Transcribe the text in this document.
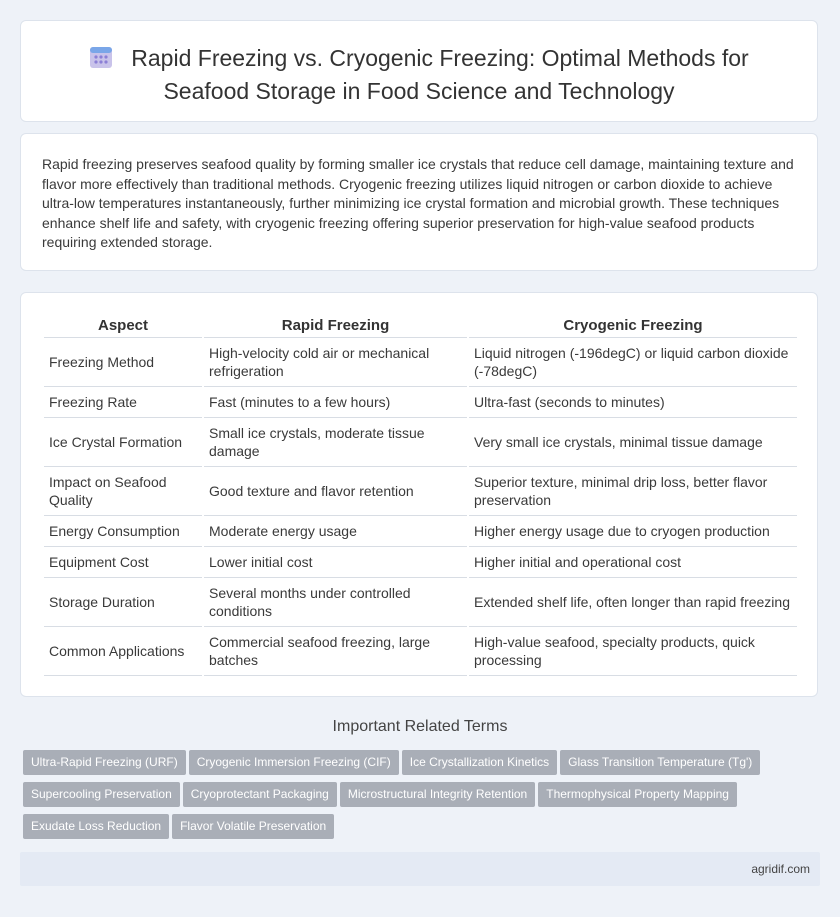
Rapid Freezing vs. Cryogenic Freezing: Optimal Methods for
Seafood Storage in Food Science and Technology

Rapid freezing preserves seafood quality by forming smaller ice crystals that reduce cell damage, maintaining texture and flavor more effectively than traditional methods. Cryogenic freezing utilizes liquid nitrogen or carbon dioxide to achieve ultra-low temperatures instantaneously, further minimizing ice crystal formation and microbial growth. These techniques enhance shelf life and safety, with cryogenic freezing offering superior preservation for high-value seafood products requiring extended storage.

Aspect	Rapid Freezing	Cryogenic Freezing
Freezing Method	High-velocity cold air or mechanical refrigeration	Liquid nitrogen (-196degC) or liquid carbon dioxide (-78degC)
Freezing Rate	Fast (minutes to a few hours)	Ultra-fast (seconds to minutes)
Ice Crystal Formation	Small ice crystals, moderate tissue damage	Very small ice crystals, minimal tissue damage
Impact on Seafood Quality	Good texture and flavor retention	Superior texture, minimal drip loss, better flavor preservation
Energy Consumption	Moderate energy usage	Higher energy usage due to cryogen production
Equipment Cost	Lower initial cost	Higher initial and operational cost
Storage Duration	Several months under controlled conditions	Extended shelf life, often longer than rapid freezing
Common Applications	Commercial seafood freezing, large batches	High-value seafood, specialty products, quick processing
Important Related Terms
Ultra-Rapid Freezing (URF) Cryogenic Immersion Freezing (CIF) Ice Crystallization Kinetics Glass Transition Temperature (Tg')
Supercooling Preservation Cryoprotectant Packaging Microstructural Integrity Retention Thermophysical Property Mapping
Exudate Loss Reduction Flavor Volatile Preservation
agridif.com
